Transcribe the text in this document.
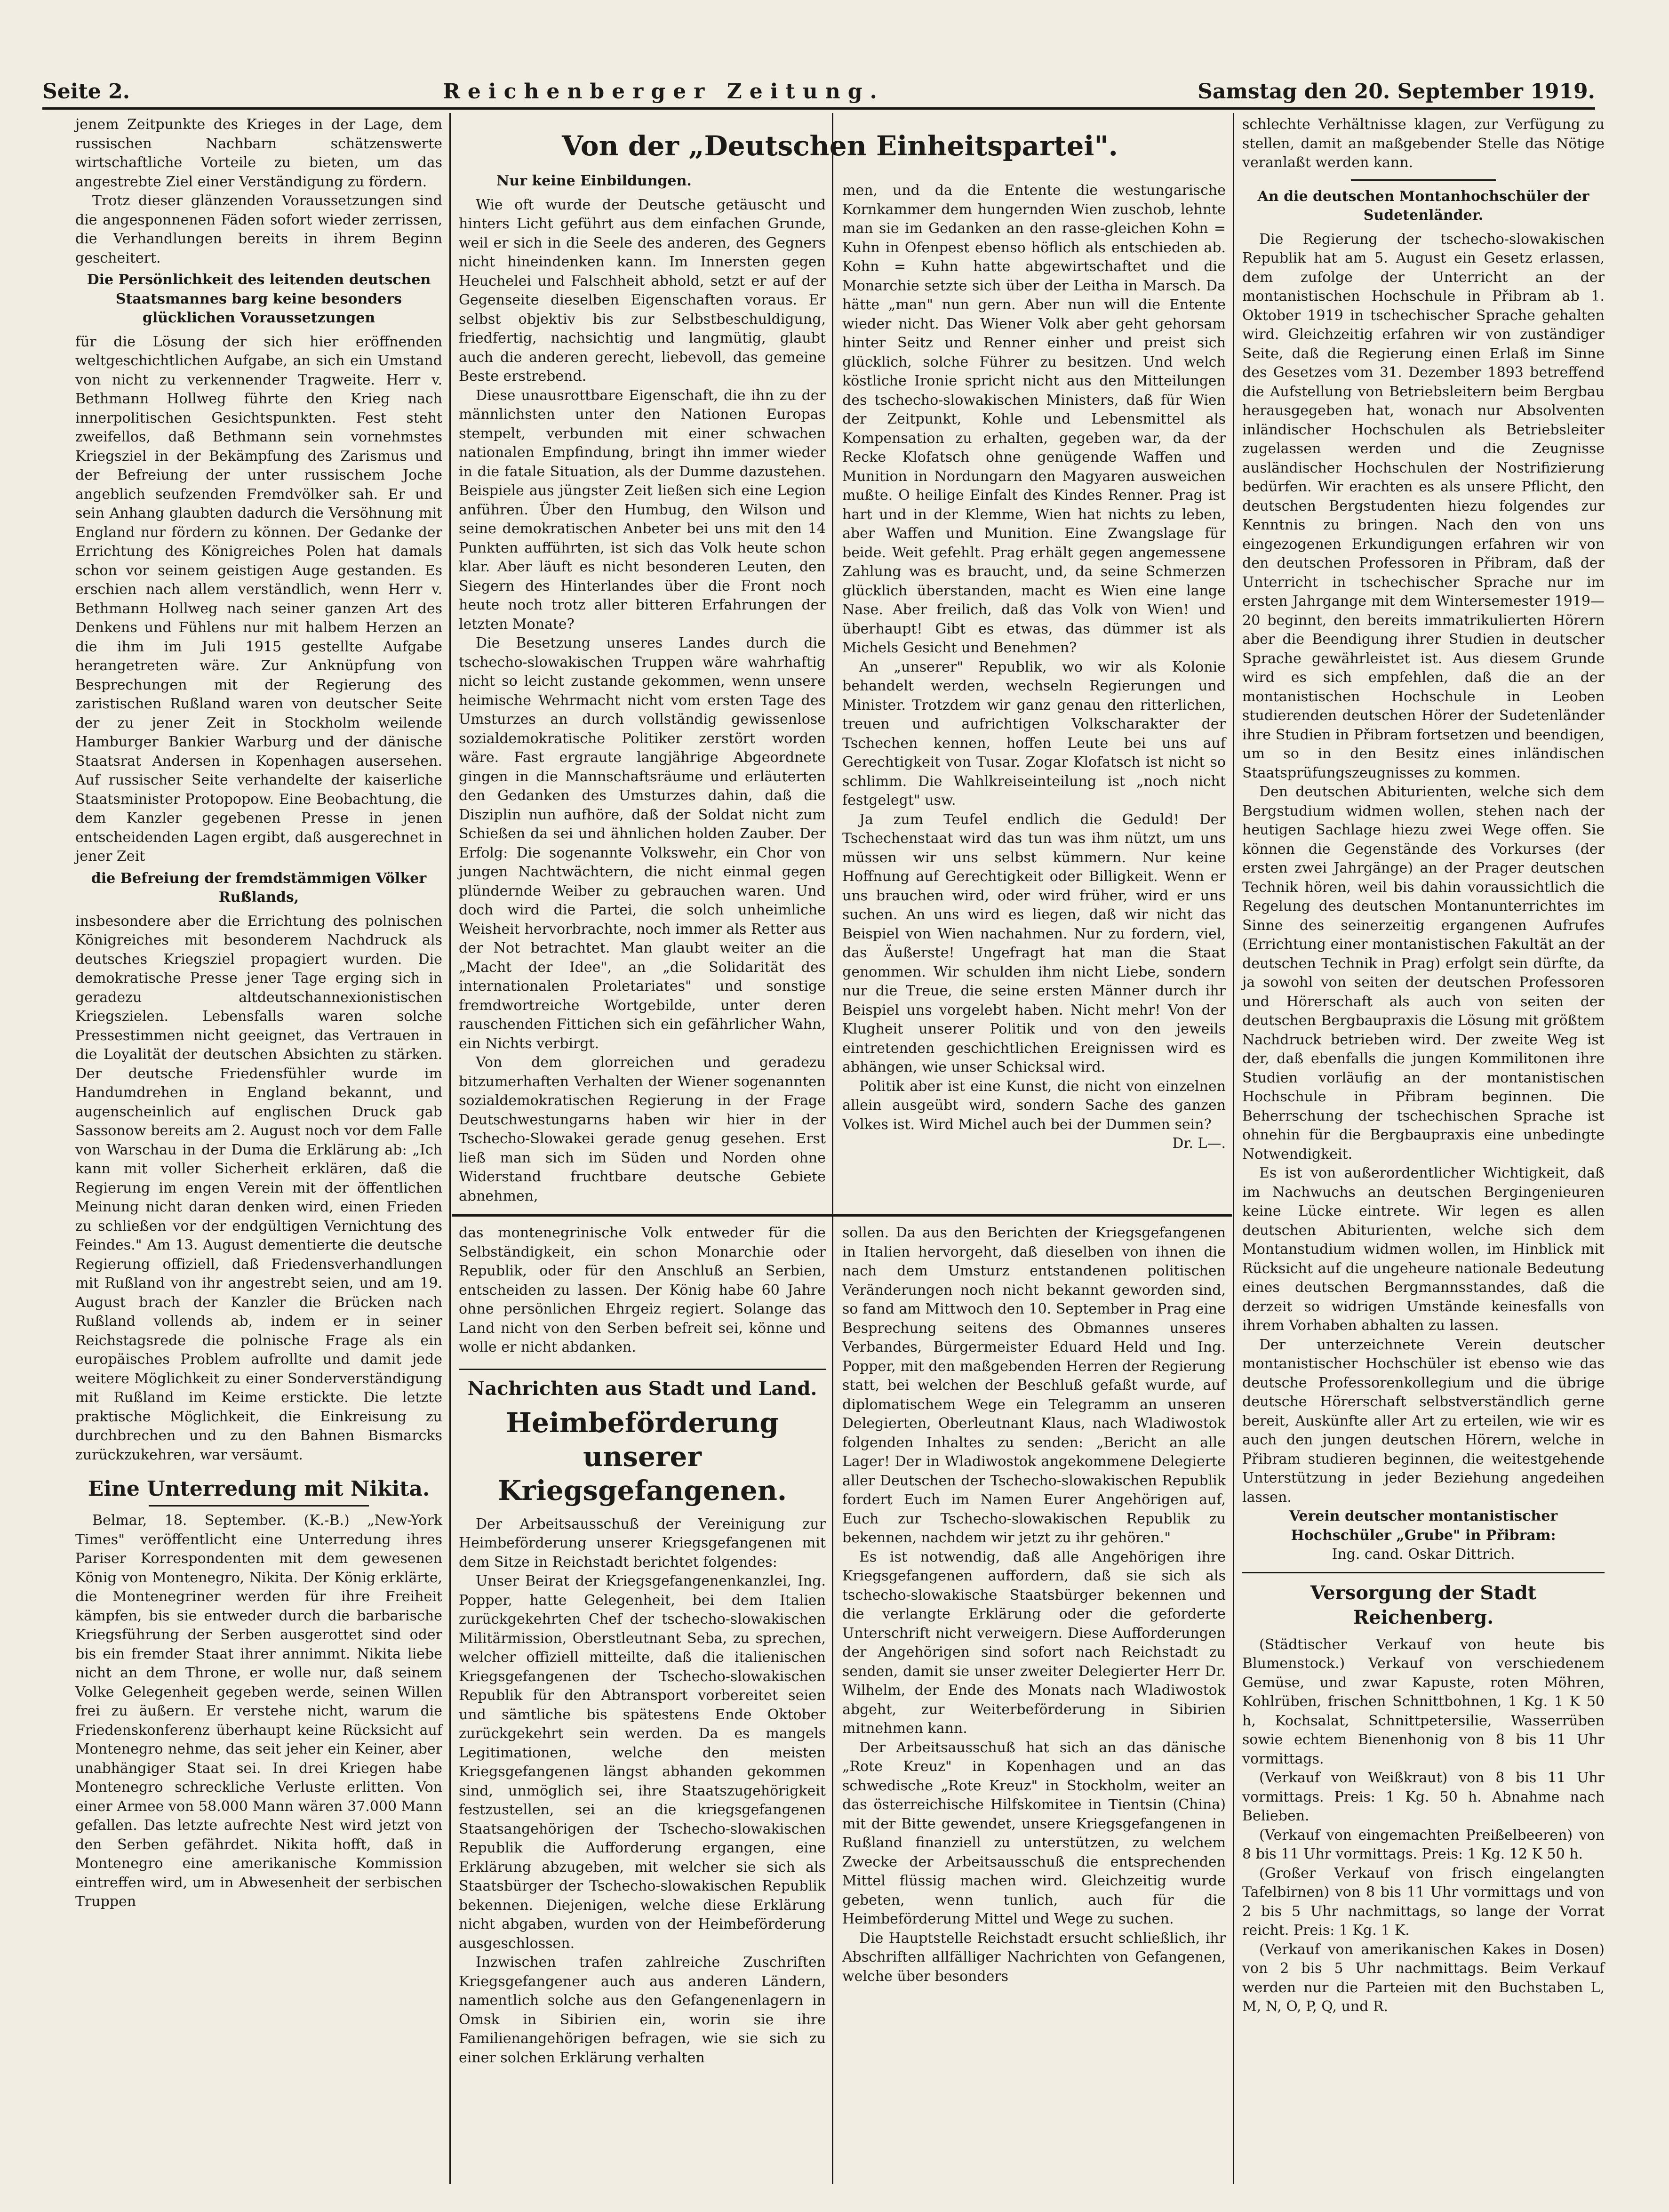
Seite 2.	Reichenberger Zeitung.	Samstag den 20. September 1919.

jenem Zeitpunkte des Krieges in der Lage, dem russischen Nachbarn schätzenswerte wirtschaftliche Vorteile zu bieten, um das angestrebte Ziel einer Verständigung zu fördern.

Trotz dieser glänzenden Voraussetzungen sind die angesponnenen Fäden sofort wieder zerrissen, die Verhandlungen bereits in ihrem Beginn gescheitert.

Die Persönlichkeit des leitenden deutschen Staatsmannes barg keine besonders glücklichen Voraussetzungen

für die Lösung der sich hier eröffnenden weltgeschichtlichen Aufgabe, an sich ein Umstand von nicht zu verkennender Tragweite. Herr v. Bethmann Hollweg führte den Krieg nach innerpolitischen Gesichtspunkten. Fest steht zweifellos, daß Bethmann sein vornehmstes Kriegsziel in der Bekämpfung des Zarismus und der Befreiung der unter russischem Joche angeblich seufzenden Fremdvölker sah. Er und sein Anhang glaubten dadurch die Versöhnung mit England nur fördern zu können. Der Gedanke der Errichtung des Königreiches Polen hat damals schon vor seinem geistigen Auge gestanden. Es erschien nach allem verständlich, wenn Herr v. Bethmann Hollweg nach seiner ganzen Art des Denkens und Fühlens nur mit halbem Herzen an die ihm im Juli 1915 gestellte Aufgabe herangetreten wäre. Zur Anknüpfung von Besprechungen mit der Regierung des zaristischen Rußland waren von deutscher Seite der zu jener Zeit in Stockholm weilende Hamburger Bankier Warburg und der dänische Staatsrat Andersen in Kopenhagen ausersehen. Auf russischer Seite verhandelte der kaiserliche Staatsminister Protopopow. Eine Beobachtung, die dem Kanzler gegebenen Presse in jenen entscheidenden Lagen ergibt, daß ausgerechnet in jener Zeit

die Befreiung der fremdstämmigen Völker Rußlands,

insbesondere aber die Errichtung des polnischen Königreiches mit besonderem Nachdruck als deutsches Kriegsziel propagiert wurden. Die demokratische Presse jener Tage erging sich in geradezu altdeutschannexionistischen Kriegszielen. Lebensfalls waren solche Pressestimmen nicht geeignet, das Vertrauen in die Loyalität der deutschen Absichten zu stärken. Der deutsche Friedensfühler wurde im Handumdrehen in England bekannt, und augenscheinlich auf englischen Druck gab Sassonow bereits am 2. August noch vor dem Falle von Warschau in der Duma die Erklärung ab: „Ich kann mit voller Sicherheit erklären, daß die Regierung im engen Verein mit der öffentlichen Meinung nicht daran denken wird, einen Frieden zu schließen vor der endgültigen Vernichtung des Feindes." Am 13. August dementierte die deutsche Regierung offiziell, daß Friedensverhandlungen mit Rußland von ihr angestrebt seien, und am 19. August brach der Kanzler die Brücken nach Rußland vollends ab, indem er in seiner Reichstagsrede die polnische Frage als ein europäisches Problem aufrollte und damit jede weitere Möglichkeit zu einer Sonderverständigung mit Rußland im Keime erstickte. Die letzte praktische Möglichkeit, die Einkreisung zu durchbrechen und zu den Bahnen Bismarcks zurückzukehren, war versäumt.

Eine Unterredung mit Nikita.

Belmar, 18. September. (K.-B.) „New-York Times" veröffentlicht eine Unterredung ihres Pariser Korrespondenten mit dem gewesenen König von Montenegro, Nikita. Der König erklärte, die Montenegriner werden für ihre Freiheit kämpfen, bis sie entweder durch die barbarische Kriegsführung der Serben ausgerottet sind oder bis ein fremder Staat ihrer annimmt. Nikita liebe nicht an dem Throne, er wolle nur, daß seinem Volke Gelegenheit gegeben werde, seinen Willen frei zu äußern. Er verstehe nicht, warum die Friedenskonferenz überhaupt keine Rücksicht auf Montenegro nehme, das seit jeher ein Keiner, aber unabhängiger Staat sei. In drei Kriegen habe Montenegro schreckliche Verluste erlitten. Von einer Armee von 58.000 Mann wären 37.000 Mann gefallen. Das letzte aufrechte Nest wird jetzt von den Serben gefährdet. Nikita hofft, daß in Montenegro eine amerikanische Kommission eintreffen wird, um in Abwesenheit der serbischen Truppen

Von der „Deutschen Einheitspartei".
Nur keine Einbildungen.

Wie oft wurde der Deutsche getäuscht und hinters Licht geführt aus dem einfachen Grunde, weil er sich in die Seele des anderen, des Gegners nicht hineindenken kann. Im Innersten gegen Heuchelei und Falschheit abhold, setzt er auf der Gegenseite dieselben Eigenschaften voraus. Er selbst objektiv bis zur Selbstbeschuldigung, friedfertig, nachsichtig und langmütig, glaubt auch die anderen gerecht, liebevoll, das gemeine Beste erstrebend.

Diese unausrottbare Eigenschaft, die ihn zu der männlichsten unter den Nationen Europas stempelt, verbunden mit einer schwachen nationalen Empfindung, bringt ihn immer wieder in die fatale Situation, als der Dumme dazustehen. Beispiele aus jüngster Zeit ließen sich eine Legion anführen. Über den Humbug, den Wilson und seine demokratischen Anbeter bei uns mit den 14 Punkten aufführten, ist sich das Volk heute schon klar. Aber läuft es nicht besonderen Leuten, den Siegern des Hinterlandes über die Front noch heute noch trotz aller bitteren Erfahrungen der letzten Monate?

Die Besetzung unseres Landes durch die tschecho-slowakischen Truppen wäre wahrhaftig nicht so leicht zustande gekommen, wenn unsere heimische Wehrmacht nicht vom ersten Tage des Umsturzes an durch vollständig gewissenlose sozialdemokratische Politiker zerstört worden wäre. Fast ergraute langjährige Abgeordnete gingen in die Mannschaftsräume und erläuterten den Gedanken des Umsturzes dahin, daß die Disziplin nun aufhöre, daß der Soldat nicht zum Schießen da sei und ähnlichen holden Zauber. Der Erfolg: Die sogenannte Volkswehr, ein Chor von jungen Nachtwächtern, die nicht einmal gegen plündernde Weiber zu gebrauchen waren. Und doch wird die Partei, die solch unheimliche Weisheit hervorbrachte, noch immer als Retter aus der Not betrachtet. Man glaubt weiter an die „Macht der Idee", an „die Solidarität des internationalen Proletariates" und sonstige fremdwortreiche Wortgebilde, unter deren rauschenden Fittichen sich ein gefährlicher Wahn, ein Nichts verbirgt.

Von dem glorreichen und geradezu bitzumerhaften Verhalten der Wiener sogenannten sozialdemokratischen Regierung in der Frage Deutschwestungarns haben wir hier in der Tschecho-Slowakei gerade genug gesehen. Erst ließ man sich im Süden und Norden ohne Widerstand fruchtbare deutsche Gebiete abnehmen,

men, und da die Entente die westungarische Kornkammer dem hungernden Wien zuschob, lehnte man sie im Gedanken an den rasse-gleichen Kohn = Kuhn in Ofenpest ebenso höflich als entschieden ab. Kohn = Kuhn hatte abgewirtschaftet und die Monarchie setzte sich über der Leitha in Marsch. Da hätte „man" nun gern. Aber nun will die Entente wieder nicht. Das Wiener Volk aber geht gehorsam hinter Seitz und Renner einher und preist sich glücklich, solche Führer zu besitzen. Und welch köstliche Ironie spricht nicht aus den Mitteilungen des tschecho-slowakischen Ministers, daß für Wien der Zeitpunkt, Kohle und Lebensmittel als Kompensation zu erhalten, gegeben war, da der Recke Klofatsch ohne genügende Waffen und Munition in Nordungarn den Magyaren ausweichen mußte. O heilige Einfalt des Kindes Renner. Prag ist hart und in der Klemme, Wien hat nichts zu leben, aber Waffen und Munition. Eine Zwangslage für beide. Weit gefehlt. Prag erhält gegen angemessene Zahlung was es braucht, und, da seine Schmerzen glücklich überstanden, macht es Wien eine lange Nase. Aber freilich, daß das Volk von Wien! und überhaupt! Gibt es etwas, das dümmer ist als Michels Gesicht und Benehmen?

An „unserer" Republik, wo wir als Kolonie behandelt werden, wechseln Regierungen und Minister. Trotzdem wir ganz genau den ritterlichen, treuen und aufrichtigen Volkscharakter der Tschechen kennen, hoffen Leute bei uns auf Gerechtigkeit von Tusar. Zogar Klofatsch ist nicht so schlimm. Die Wahlkreiseinteilung ist „noch nicht festgelegt" usw.

Ja zum Teufel endlich die Geduld! Der Tschechenstaat wird das tun was ihm nützt, um uns müssen wir uns selbst kümmern. Nur keine Hoffnung auf Gerechtigkeit oder Billigkeit. Wenn er uns brauchen wird, oder wird früher, wird er uns suchen. An uns wird es liegen, daß wir nicht das Beispiel von Wien nachahmen. Nur zu fordern, viel, das Äußerste! Ungefragt hat man die Staat genommen. Wir schulden ihm nicht Liebe, sondern nur die Treue, die seine ersten Männer durch ihr Beispiel uns vorgelebt haben. Nicht mehr! Von der Klugheit unserer Politik und von den jeweils eintretenden geschichtlichen Ereignissen wird es abhängen, wie unser Schicksal wird.

Politik aber ist eine Kunst, die nicht von einzelnen allein ausgeübt wird, sondern Sache des ganzen Volkes ist. Wird Michel auch bei der Dummen sein?

Dr. L—.

das montenegrinische Volk entweder für die Selbständigkeit, ein schon Monarchie oder Republik, oder für den Anschluß an Serbien, entscheiden zu lassen. Der König habe 60 Jahre ohne persönlichen Ehrgeiz regiert. Solange das Land nicht von den Serben befreit sei, könne und wolle er nicht abdanken.

Nachrichten aus Stadt und Land.
Heimbeförderung unserer Kriegsgefangenen.

Der Arbeitsausschuß der Vereinigung zur Heimbeförderung unserer Kriegsgefangenen mit dem Sitze in Reichstadt berichtet folgendes:

Unser Beirat der Kriegsgefangenenkanzlei, Ing. Popper, hatte Gelegenheit, bei dem Italien zurückgekehrten Chef der tschecho-slowakischen Militärmission, Oberstleutnant Seba, zu sprechen, welcher offiziell mitteilte, daß die italienischen Kriegsgefangenen der Tschecho-slowakischen Republik für den Abtransport vorbereitet seien und sämtliche bis spätestens Ende Oktober zurückgekehrt sein werden. Da es mangels Legitimationen, welche den meisten Kriegsgefangenen längst abhanden gekommen sind, unmöglich sei, ihre Staatszugehörigkeit festzustellen, sei an die kriegsgefangenen Staatsangehörigen der Tschecho-slowakischen Republik die Aufforderung ergangen, eine Erklärung abzugeben, mit welcher sie sich als Staatsbürger der Tschecho-slowakischen Republik bekennen. Diejenigen, welche diese Erklärung nicht abgaben, wurden von der Heimbeförderung ausgeschlossen.

Inzwischen trafen zahlreiche Zuschriften Kriegsgefangener auch aus anderen Ländern, namentlich solche aus den Gefangenenlagern in Omsk in Sibirien ein, worin sie ihre Familienangehörigen befragen, wie sie sich zu einer solchen Erklärung verhalten

sollen. Da aus den Berichten der Kriegsgefangenen in Italien hervorgeht, daß dieselben von ihnen die nach dem Umsturz entstandenen politischen Veränderungen noch nicht bekannt geworden sind, so fand am Mittwoch den 10. September in Prag eine Besprechung seitens des Obmannes unseres Verbandes, Bürgermeister Eduard Held und Ing. Popper, mit den maßgebenden Herren der Regierung statt, bei welchen der Beschluß gefaßt wurde, auf diplomatischem Wege ein Telegramm an unseren Delegierten, Oberleutnant Klaus, nach Wladiwostok folgenden Inhaltes zu senden: „Bericht an alle Lager! Der in Wladiwostok angekommene Delegierte aller Deutschen der Tschecho-slowakischen Republik fordert Euch im Namen Eurer Angehörigen auf, Euch zur Tschecho-slowakischen Republik zu bekennen, nachdem wir jetzt zu ihr gehören."

Es ist notwendig, daß alle Angehörigen ihre Kriegsgefangenen auffordern, daß sie sich als tschecho-slowakische Staatsbürger bekennen und die verlangte Erklärung oder die geforderte Unterschrift nicht verweigern. Diese Aufforderungen der Angehörigen sind sofort nach Reichstadt zu senden, damit sie unser zweiter Delegierter Herr Dr. Wilhelm, der Ende des Monats nach Wladiwostok abgeht, zur Weiterbeförderung in Sibirien mitnehmen kann.

Der Arbeitsausschuß hat sich an das dänische „Rote Kreuz" in Kopenhagen und an das schwedische „Rote Kreuz" in Stockholm, weiter an das österreichische Hilfskomitee in Tientsin (China) mit der Bitte gewendet, unsere Kriegsgefangenen in Rußland finanziell zu unterstützen, zu welchem Zwecke der Arbeitsausschuß die entsprechenden Mittel flüssig machen wird. Gleichzeitig wurde gebeten, wenn tunlich, auch für die Heimbeförderung Mittel und Wege zu suchen.

Die Hauptstelle Reichstadt ersucht schließlich, ihr Abschriften allfälliger Nachrichten von Gefangenen, welche über besonders

schlechte Verhältnisse klagen, zur Verfügung zu stellen, damit an maßgebender Stelle das Nötige veranlaßt werden kann.

An die deutschen Montanhochschüler der Sudetenländer.

Die Regierung der tschecho-slowakischen Republik hat am 5. August ein Gesetz erlassen, dem zufolge der Unterricht an der montanistischen Hochschule in Přibram ab 1. Oktober 1919 in tschechischer Sprache gehalten wird. Gleichzeitig erfahren wir von zuständiger Seite, daß die Regierung einen Erlaß im Sinne des Gesetzes vom 31. Dezember 1893 betreffend die Aufstellung von Betriebsleitern beim Bergbau herausgegeben hat, wonach nur Absolventen inländischer Hochschulen als Betriebsleiter zugelassen werden und die Zeugnisse ausländischer Hochschulen der Nostrifizierung bedürfen. Wir erachten es als unsere Pflicht, den deutschen Bergstudenten hiezu folgendes zur Kenntnis zu bringen. Nach den von uns eingezogenen Erkundigungen erfahren wir von den deutschen Professoren in Přibram, daß der Unterricht in tschechischer Sprache nur im ersten Jahrgange mit dem Wintersemester 1919—20 beginnt, den bereits immatrikulierten Hörern aber die Beendigung ihrer Studien in deutscher Sprache gewährleistet ist. Aus diesem Grunde wird es sich empfehlen, daß die an der montanistischen Hochschule in Leoben studierenden deutschen Hörer der Sudetenländer ihre Studien in Přibram fortsetzen und beendigen, um so in den Besitz eines inländischen Staatsprüfungszeugnisses zu kommen.

Den deutschen Abiturienten, welche sich dem Bergstudium widmen wollen, stehen nach der heutigen Sachlage hiezu zwei Wege offen. Sie können die Gegenstände des Vorkurses (der ersten zwei Jahrgänge) an der Prager deutschen Technik hören, weil bis dahin voraussichtlich die Regelung des deutschen Montanunterrichtes im Sinne des seinerzeitig ergangenen Aufrufes (Errichtung einer montanistischen Fakultät an der deutschen Technik in Prag) erfolgt sein dürfte, da ja sowohl von seiten der deutschen Professoren und Hörerschaft als auch von seiten der deutschen Bergbaupraxis die Lösung mit größtem Nachdruck betrieben wird. Der zweite Weg ist der, daß ebenfalls die jungen Kommilitonen ihre Studien vorläufig an der montanistischen Hochschule in Přibram beginnen. Die Beherrschung der tschechischen Sprache ist ohnehin für die Bergbaupraxis eine unbedingte Notwendigkeit.

Es ist von außerordentlicher Wichtigkeit, daß im Nachwuchs an deutschen Bergingenieuren keine Lücke eintrete. Wir legen es allen deutschen Abiturienten, welche sich dem Montanstudium widmen wollen, im Hinblick mit Rücksicht auf die ungeheure nationale Bedeutung eines deutschen Bergmannsstandes, daß die derzeit so widrigen Umstände keinesfalls von ihrem Vorhaben abhalten zu lassen.

Der unterzeichnete Verein deutscher montanistischer Hochschüler ist ebenso wie das deutsche Professorenkollegium und die übrige deutsche Hörerschaft selbstverständlich gerne bereit, Auskünfte aller Art zu erteilen, wie wir es auch den jungen deutschen Hörern, welche in Přibram studieren beginnen, die weitestgehende Unterstützung in jeder Beziehung angedeihen lassen.

Verein deutscher montanistischer Hochschüler „Grube" in Přibram:

Ing. cand. Oskar Dittrich.

Versorgung der Stadt Reichenberg.

(Städtischer Verkauf von heute bis Blumenstock.) Verkauf von verschiedenem Gemüse, und zwar Kapuste, roten Möhren, Kohlrüben, frischen Schnittbohnen, 1 Kg. 1 K 50 h, Kochsalat, Schnittpetersilie, Wasserrüben sowie echtem Bienenhonig von 8 bis 11 Uhr vormittags.

(Verkauf von Weißkraut) von 8 bis 11 Uhr vormittags. Preis: 1 Kg. 50 h. Abnahme nach Belieben.

(Verkauf von eingemachten Preißelbeeren) von 8 bis 11 Uhr vormittags. Preis: 1 Kg. 12 K 50 h.

(Großer Verkauf von frisch eingelangten Tafelbirnen) von 8 bis 11 Uhr vormittags und von 2 bis 5 Uhr nachmittags, so lange der Vorrat reicht. Preis: 1 Kg. 1 K.

(Verkauf von amerikanischen Kakes in Dosen) von 2 bis 5 Uhr nachmittags. Beim Verkauf werden nur die Parteien mit den Buchstaben L, M, N, O, P, Q, und R.
